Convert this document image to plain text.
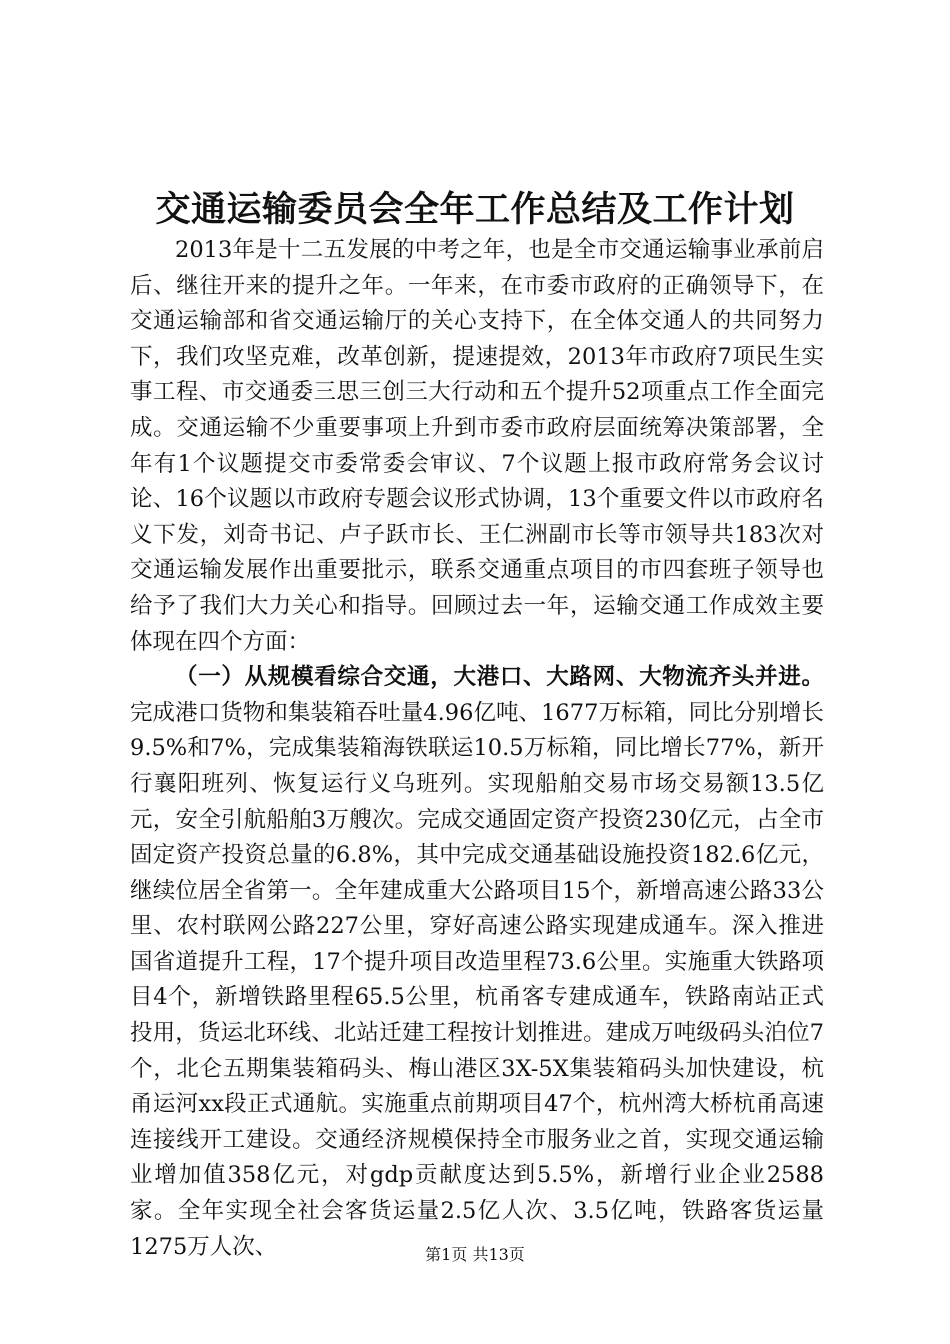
交通运输委员会全年工作总结及工作计划

2013年是十二五发展的中考之年，也是全市交通运输事业承前启后、继往开来的提升之年。一年来，在市委市政府的正确领导下，在交通运输部和省交通运输厅的关心支持下，在全体交通人的共同努力下，我们攻坚克难，改革创新，提速提效，2013年市政府7项民生实事工程、市交通委三思三创三大行动和五个提升52项重点工作全面完成。交通运输不少重要事项上升到市委市政府层面统筹决策部署，全年有1个议题提交市委常委会审议、7个议题上报市政府常务会议讨论、16个议题以市政府专题会议形式协调，13个重要文件以市政府名义下发，刘奇书记、卢子跃市长、王仁洲副市长等市领导共183次对交通运输发展作出重要批示，联系交通重点项目的市四套班子领导也给予了我们大力关心和指导。回顾过去一年，运输交通工作成效主要体现在四个方面：

（一）从规模看综合交通，大港口、大路网、大物流齐头并进。完成港口货物和集装箱吞吐量4.96亿吨、1677万标箱，同比分别增长9.5%和7%，完成集装箱海铁联运10.5万标箱，同比增长77%，新开行襄阳班列、恢复运行义乌班列。实现船舶交易市场交易额13.5亿元，安全引航船舶3万艘次。完成交通固定资产投资230亿元，占全市固定资产投资总量的6.8%，其中完成交通基础设施投资182.6亿元，继续位居全省第一。全年建成重大公路项目15个，新增高速公路33公里、农村联网公路227公里，穿好高速公路实现建成通车。深入推进国省道提升工程，17个提升项目改造里程73.6公里。实施重大铁路项目4个，新增铁路里程65.5公里，杭甬客专建成通车，铁路南站正式投用，货运北环线、北站迁建工程按计划推进。建成万吨级码头泊位7个，北仑五期集装箱码头、梅山港区3X-5X集装箱码头加快建设，杭甬运河xx段正式通航。实施重点前期项目47个，杭州湾大桥杭甬高速连接线开工建设。交通经济规模保持全市服务业之首，实现交通运输业增加值358亿元，对gdp贡献度达到5.5%，新增行业企业2588家。全年实现全社会客货运量2.5亿人次、3.5亿吨，铁路客货运量1275万人次、	第1页 共13页
